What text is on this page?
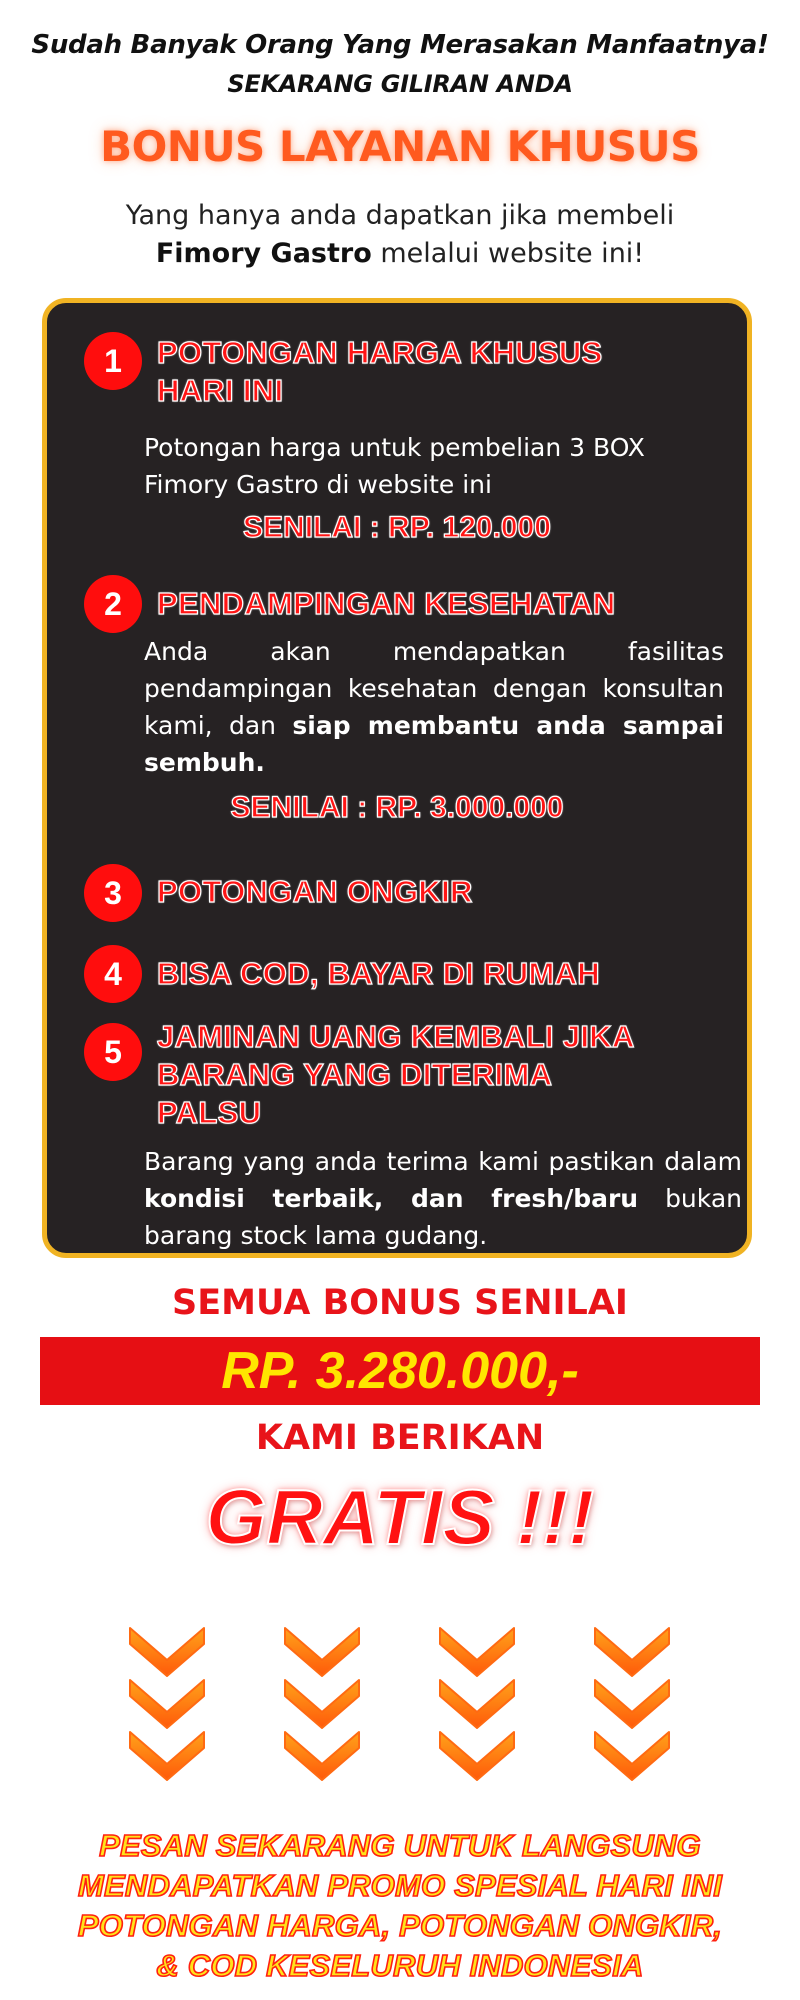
Sudah Banyak Orang Yang Merasakan Manfaatnya!
SEKARANG GILIRAN ANDA
BONUS LAYANAN KHUSUS
Yang hanya anda dapatkan jika membeli
Fimory Gastro melalui website ini!
1	POTONGAN HARGA KHUSUS
HARI INI
Potongan harga untuk pembelian 3 BOX
Fimory Gastro di website ini
SENILAI : RP. 120.000
2	PENDAMPINGAN KESEHATAN
Anda akan mendapatkan fasilitas pendampingan kesehatan dengan konsultan kami, dan siap membantu anda sampai sembuh.
SENILAI : RP. 3.000.000
3	POTONGAN ONGKIR
4	BISA COD, BAYAR DI RUMAH
5	JAMINAN UANG KEMBALI JIKA
BARANG YANG DITERIMA
PALSU
Barang yang anda terima kami pastikan dalam kondisi terbaik, dan fresh/baru bukan barang stock lama gudang.
SEMUA BONUS SENILAI
RP. 3.280.000,-
KAMI BERIKAN
GRATIS !!!
PESAN SEKARANG UNTUK LANGSUNG
MENDAPATKAN PROMO SPESIAL HARI INI
POTONGAN HARGA, POTONGAN ONGKIR,
& COD KESELURUH INDONESIA
